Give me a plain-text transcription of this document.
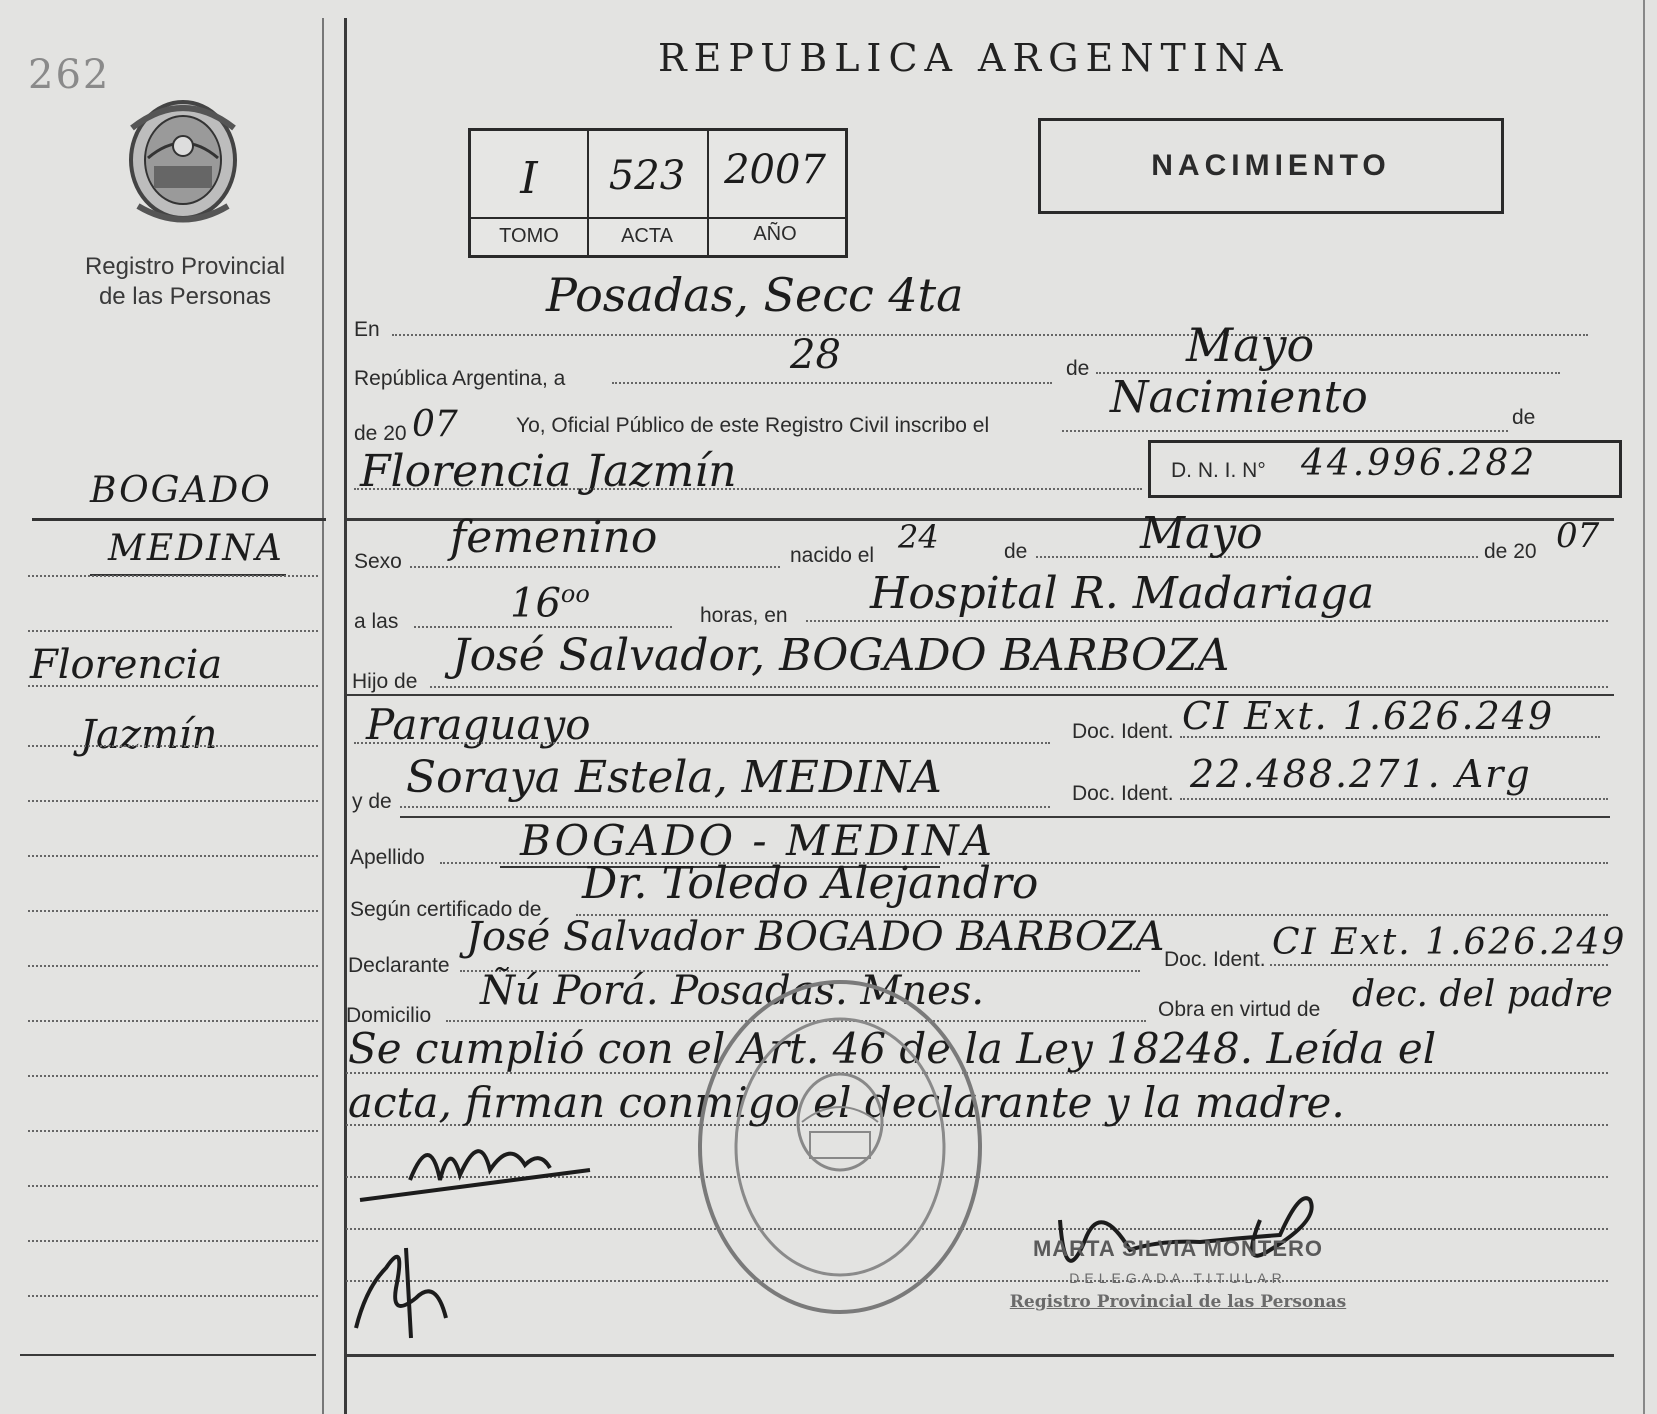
262
Registro Provincial
de las Personas
REPUBLICA ARGENTINA
I	523 2007
TOMO	ACTA	AÑO
NACIMIENTO
BOGADO
MEDINA
Florencia
Jazmín
En
Posadas, Secc 4ta
República Argentina, a
28	de Mayo
de 20 07	Yo, Oficial Público de este Registro Civil inscribo el
Nacimiento	de
Florencia Jazmín	D. N. I. N° 44.996.282
Sexo femenino	nacido el 24	de	Mayo	de 20 07
a las	$16^{oo}$
horas, en Hospital R. Madariaga
Hijo de
José Salvador, BOGADO BARBOZA
Paraguayo	Doc. Ident. CI Ext. 1.626.249
y de Soraya Estela, MEDINA	Doc. Ident. 22.488.271. Arg
Apellido BOGADO - MEDINA
Según certificado de
Dr. Toledo Alejandro
Declarante
José Salvador BOGADO BARBOZA Doc. Ident. CI Ext. 1.626.249
Domicilio
Ñú Porá. Posadas. Mnes.	Obra en virtud de dec. del padre
Se cumplió con el Art. 46 de la Ley 18248. Leída el
acta, firman conmigo el declarante y la madre.
MARTA SILVIA MONTERO
DELEGADA TITULAR
Registro Provincial de las Personas
